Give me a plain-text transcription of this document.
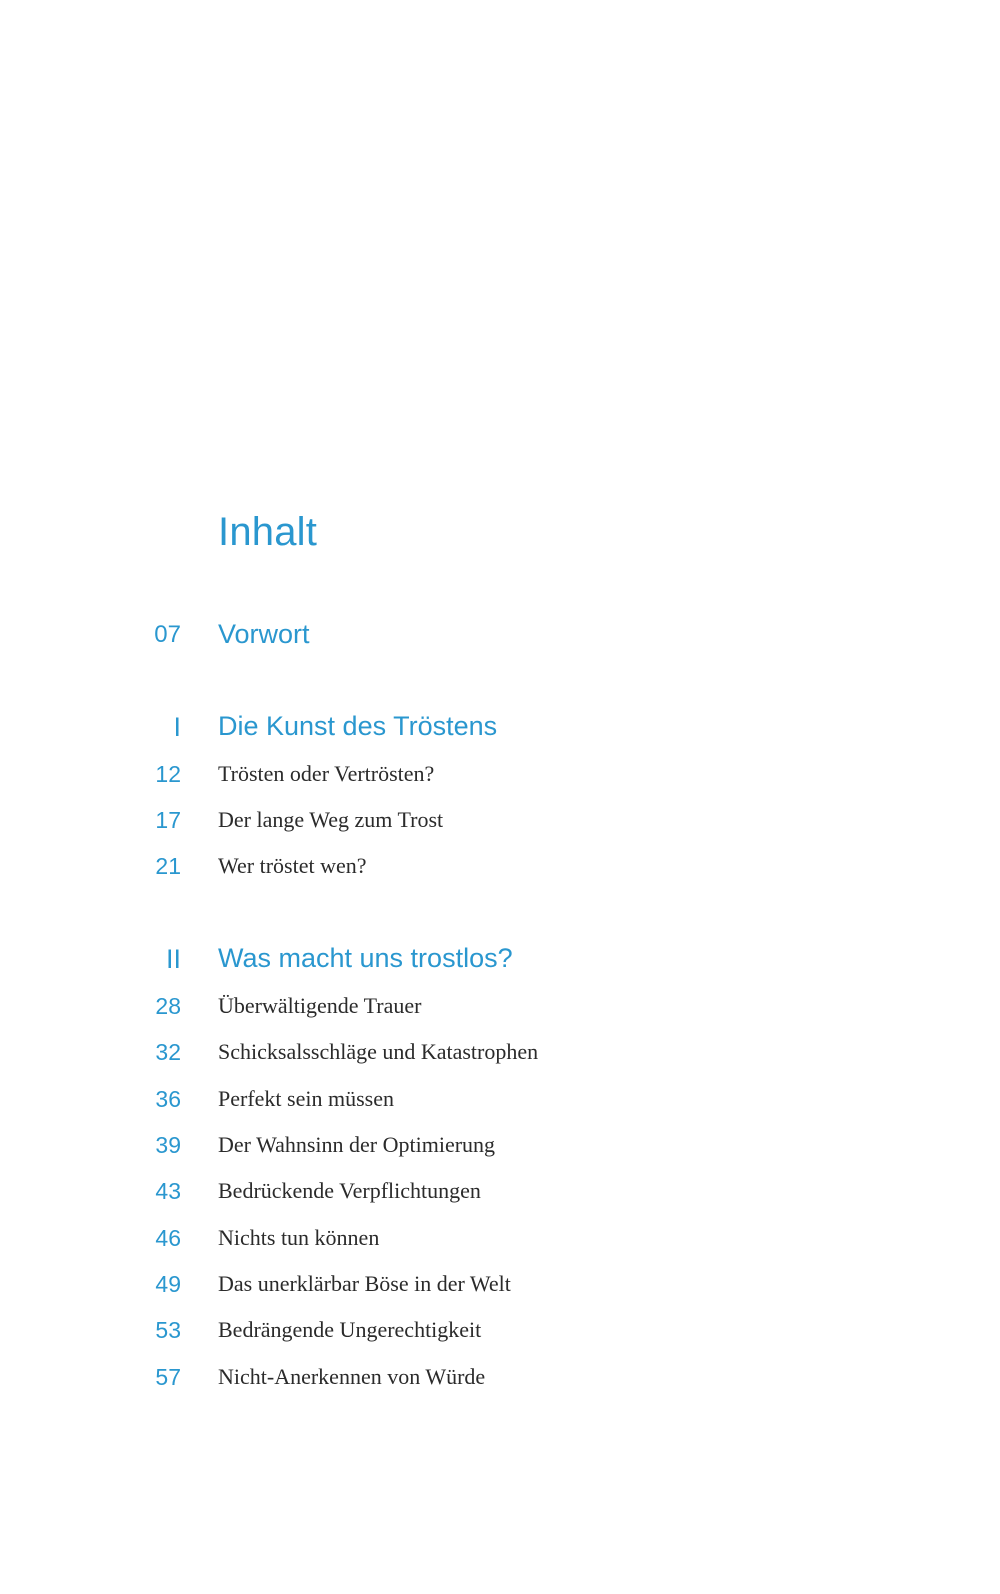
Inhalt
07 Vorwort
I Die Kunst des Tröstens
12 Trösten oder Vertrösten?
17 Der lange Weg zum Trost
21 Wer tröstet wen?
II Was macht uns trostlos?
28 Überwältigende Trauer
32 Schicksalsschläge und Katastrophen
36 Perfekt sein müssen
39 Der Wahnsinn der Optimierung
43 Bedrückende Verpflichtungen
46 Nichts tun können
49 Das unerklärbar Böse in der Welt
53 Bedrängende Ungerechtigkeit
57 Nicht-Anerkennen von Würde
